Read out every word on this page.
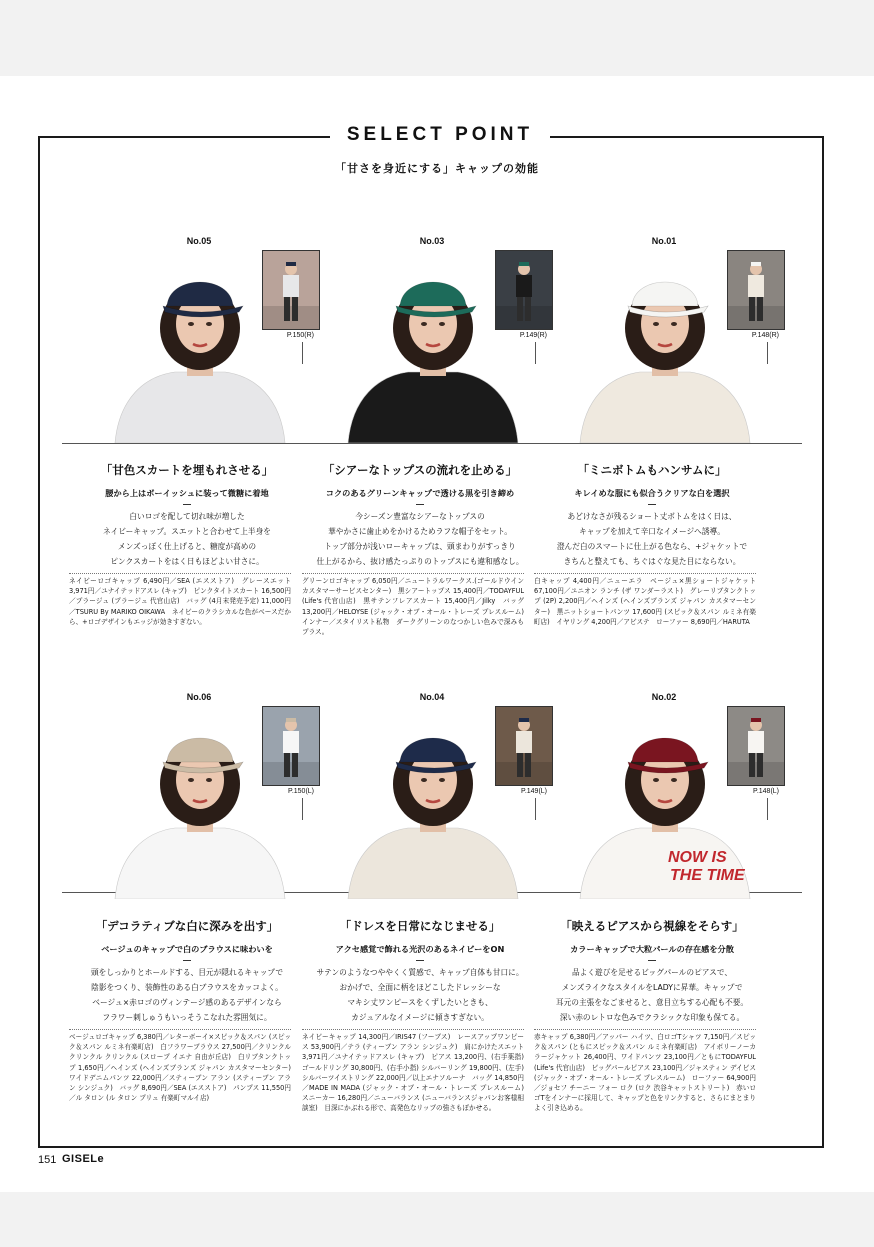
SELECT POINT
「甘さを身近にする」キャップの効能
No.05
P.150(R)
「甘色スカートを埋もれさせる」
腰から上はボーイッシュに装って微糖に着地
白いロゴを配して切れ味が増した
ネイビーキャップ。スエットと合わせて上半身を
メンズっぽく仕上げると、糖度が高めの
ピンクスカートをはく日もほどよい甘さに。
ネイビーロゴキャップ 6,490円／SEA (エスストア)　グレースエット 3,971円／ユナイテッドアスレ (キャブ)　ピンクタイトスカート 16,500円／プラージュ (プラージュ 代官山店)　バッグ (4月末発売予定) 11,000円／TSURU By MARIKO OIKAWA　ネイビーのクラシカルな色がベースだから、+ロゴデザインもエッジが効きすぎない。
No.03
P.149(R)
「シアーなトップスの流れを止める」
コクのあるグリーンキャップで透ける黒を引き締め
今シーズン豊富なシアーなトップスの
華やかさに歯止めをかけるためラフな帽子をセット。
トップ部分が浅いローキャップは、頭まわりがすっきり
仕上がるから、抜け感たっぷりのトップスにも違和感なし。
グリーンロゴキャップ 6,050円／ニュートラルワークス.(ゴールドウイン カスタマーサービスセンター)　黒シアートップス 15,400円／TODAYFUL (Life's 代官山店)　黒サテンフレアスカート 15,400円／Jilky　バッグ 13,200円／HELOYSE (ジャック・オブ・オール・トレーズ プレスルーム)　インナー／スタイリスト私物　ダークグリーンのなつかしい色みで深みもプラス。
No.01
P.148(R)
「ミニボトムもハンサムに」
キレイめな服にも似合うクリアな白を選択
あどけなさが残るショート丈ボトムをはく日は、
キャップを加えて辛口なイメージへ誘導。
澄んだ白のスマートに仕上がる色なら、+ジャケットで
きちんと整えても、ちぐはぐな見た目にならない。
白キャップ 4,400円／ニューエラ　ベージュ×黒ショートジャケット 67,100円／ユニオン ランチ (ザ ワンダーラスト)　グレーリブタンクトップ (2P) 2,200円／ヘインズ (ヘインズブランズ ジャパン カスタマーセンター)　黒ニットショートパンツ 17,600円 (スピック＆スパン ルミネ有楽町店)　イヤリング 4,200円／アビステ　ローファー 8,690円／HARUTA
No.06
P.150(L)
「デコラティブな白に深みを出す」
ベージュのキャップで白のブラウスに味わいを
頭をしっかりとホールドする、目元が隠れるキャップで
陰影をつくり、装飾性のある白ブラウスをカッコよく。
ベージュ×赤ロゴのヴィンテージ感のあるデザインなら
フラワー刺しゅうもいっそうこなれた雰囲気に。
ベージュロゴキャップ 6,380円／レターボーイ×スピック＆スパン (スピック＆スパン ルミネ有楽町店)　白フラワーブラウス 27,500円／クリンクル クリンクル クリンクル (スロープ イエナ 自由が丘店)　白リブタンクトップ 1,650円／ヘインズ (ヘインズブランズ ジャパン カスタマーセンター)　ワイドデニムパンツ 22,000円／スティーブン アラン (スティーブン アラン シンジュク)　バッグ 8,690円／SEA (エスストア)　パンプス 11,550円／ル タロン (ル タロン プリュ 有楽町マルイ店)
No.04
P.149(L)
「ドレスを日常になじませる」
アクセ感覚で飾れる光沢のあるネイビーをON
サテンのようなつややくく質感で、キャップ自体も甘口に。
おかげで、全面に柄をほどこしたドレッシーな
マキシ丈ワンピースをくずしたいときも、
カジュアルなイメージに傾きすぎない。
ネイビーキャップ 14,300円／IRIS47 (フーブス)　レースアップワンピース 53,900円／テラ (ティーブン アラン シンジュク)　肩にかけたスエット 3,971円／ユナイテッドアスレ (キャブ)　ピアス 13,200円、(右手薬指) ゴールドリング 30,800円、(右手小指) シルバーリング 19,800円、(左手) シルバーツイストリング 22,000円／以上エナソルーナ　バッグ 14,850円／MADE IN MADA (ジャック・オブ・オール・トレーズ プレスルーム)　スニーカー 16,280円／ニューバランス (ニューバランスジャパンお客様相談室)　目深にかぶれる形で、高発色なリップの強さもぼかせる。
No.02
NOW IS
THE TIME
P.148(L)
「映えるピアスから視線をそらす」
カラーキャップで大粒パールの存在感を分散
品よく遊びを足せるビッグパールのピアスで、
メンズライクなスタイルをLADYに昇華。キャップで
耳元の主張をなごませると、意目立ちする心配も不要。
深い赤のレトロな色みでクラシックな印象も保てる。
赤キャップ 6,380円／アッパー ハイツ、白ロゴTシャツ 7,150円／スピック＆スパン (ともにスピック＆スパン ルミネ有楽町店)　アイボリーノーカラージャケット 26,400円、ワイドパンツ 23,100円／ともにTODAYFUL (Life's 代官山店)　ビッグパールピアス 23,100円／ジャスティン デイビス (ジャック・オブ・オール・トレーズ プレスルーム)　ローファー 64,900円／ジョセフ チーニー フォー ロク (ロク 渋谷キャットストリート)　赤いロゴTをインナーに採用して、キャップと色をリンクすると、さらにまとまりよく引き込める。
151 GISELe
